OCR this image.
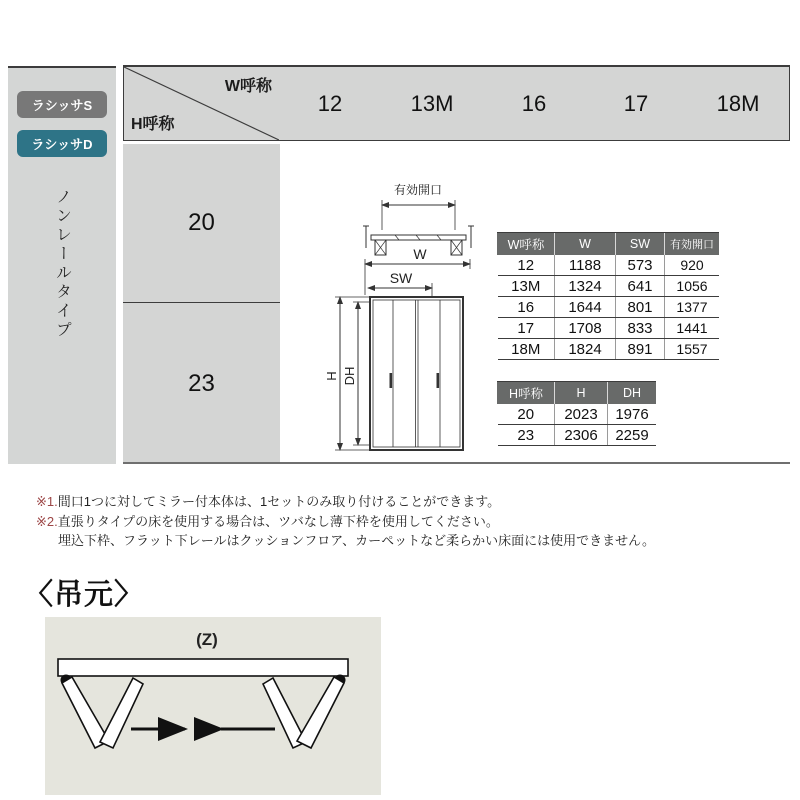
ラシッサS
ラシッサD
ノンレールタイプ
W呼称
H呼称
12	13M	16	17	18M
20
23
有効開口
W
SW
H DH
W呼称	W	SW	有効開口
12	1188	573	920
13M	1324	641	1056
16	1644	801	1377
17	1708	833	1441
18M	1824	891	1557
H呼称	H	DH
20	2023	1976
23	2306	2259
※1.間口1つに対してミラー付本体は、1セットのみ取り付けることができます。
※2.直張りタイプの床を使用する場合は、ツバなし薄下枠を使用してください。
埋込下枠、フラット下レールはクッションフロア、カーペットなど柔らかい床面には使用できません。
〈吊元〉
(Z)
